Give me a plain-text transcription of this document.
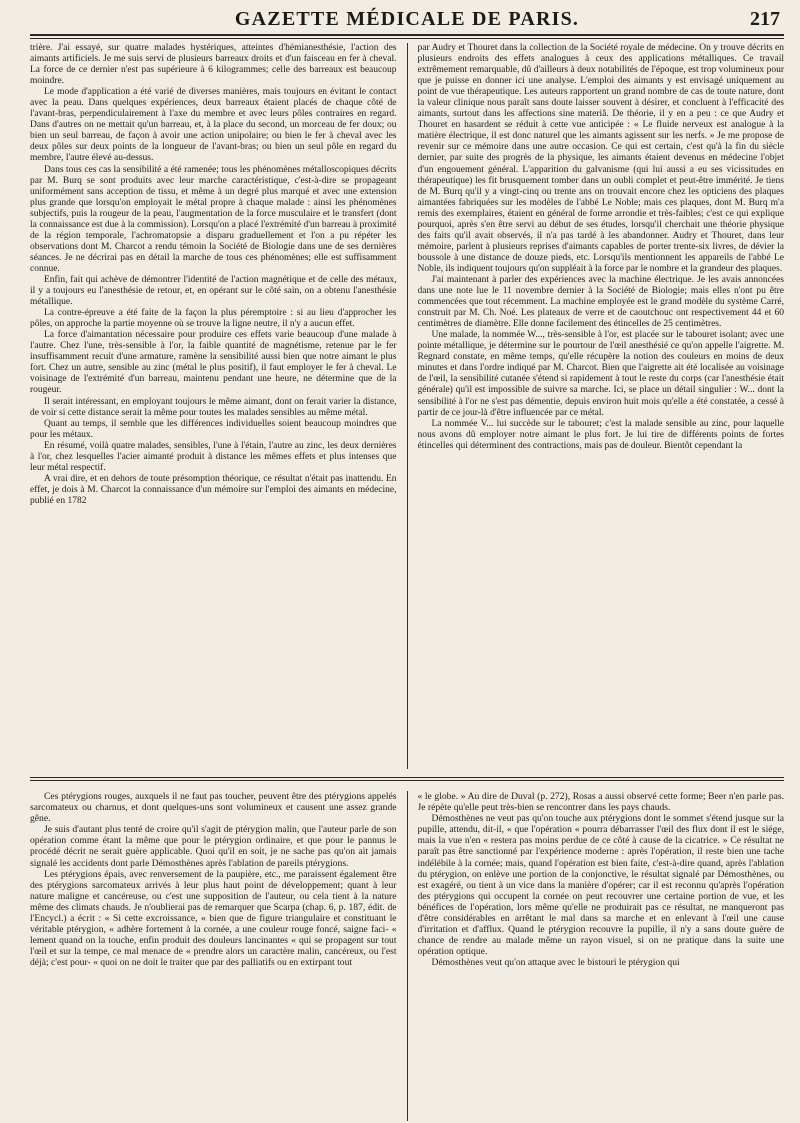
GAZETTE MÉDICALE DE PARIS.	217

trière. J'ai essayé, sur quatre malades hystériques, atteintes d'hémianesthésie, l'action des aimants artificiels. Je me suis servi de plusieurs barreaux droits et d'un faisceau en fer à cheval. La force de ce dernier n'est pas supérieure à 6 kilogrammes; celle des barreaux est beaucoup moindre.

Le mode d'application a été varié de diverses manières, mais toujours en évitant le contact avec la peau. Dans quelques expériences, deux barreaux étaient placés de chaque côté de l'avant-bras, perpendiculairement à l'axe du membre et avec leurs pôles contraires en regard. Dans d'autres on ne mettait qu'un barreau, et, à la place du second, un morceau de fer doux; ou bien un seul barreau, de façon à avoir une action unipolaire; ou bien le fer à cheval avec les deux pôles sur deux points de la longueur de l'avant-bras; ou bien un seul pôle en regard du membre, l'autre élevé au-dessus.

Dans tous ces cas la sensibilité a été ramenée; tous les phénomènes métalloscopiques décrits par M. Burq se sont produits avec leur marche caractéristique, c'est-à-dire se propageant uniformément sans acception de tissu, et même à un degré plus marqué et avec une extension plus grande que lorsqu'on employait le métal propre à chaque malade : ainsi les phénomènes subjectifs, puis la rougeur de la peau, l'augmentation de la force musculaire et le transfert (dont la connaissance est due à la commission). Lorsqu'on a placé l'extrémité d'un barreau à proximité de la région temporale, l'achromatopsie a disparu graduellement et l'on a pu répéter les observations dont M. Charcot a rendu témoin la Société de Biologie dans une de ses dernières séances. Je ne décrirai pas en détail la marche de tous ces phénomènes; elle est suffisamment connue.

Enfin, fait qui achève de démontrer l'identité de l'action magnétique et de celle des métaux, il y a toujours eu l'anesthésie de retour, et, en opérant sur le côté sain, on a obtenu l'anesthésie métallique.

La contre-épreuve a été faite de la façon la plus péremptoire : si au lieu d'approcher les pôles, on approche la partie moyenne où se trouve la ligne neutre, il n'y a aucun effet.

La force d'aimantation nécessaire pour produire ces effets varie beaucoup d'une malade à l'autre. Chez l'une, très-sensible à l'or, la faible quantité de magnétisme, retenue par le fer insuffisamment recuit d'une armature, ramène la sensibilité aussi bien que notre aimant le plus fort. Chez un autre, sensible au zinc (métal le plus positif), il faut employer le fer à cheval. Le voisinage de l'extrémité d'un barreau, maintenu pendant une heure, ne détermine que de la rougeur.

Il serait intéressant, en employant toujours le même aimant, dont on ferait varier la distance, de voir si cette distance serait la même pour toutes les malades sensibles au même métal.

Quant au temps, il semble que les différences individuelles soient beaucoup moindres que pour les métaux.

En résumé, voilà quatre malades, sensibles, l'une à l'étain, l'autre au zinc, les deux dernières à l'or, chez lesquelles l'acier aimanté produit à distance les mêmes effets et plus intenses que leur métal respectif.

A vrai dire, et en dehors de toute présomption théorique, ce résultat n'était pas inattendu. En effet, je dois à M. Charcot la connaissance d'un mémoire sur l'emploi des aimants en médecine, publié en 1782

par Audry et Thouret dans la collection de la Société royale de médecine. On y trouve décrits en plusieurs endroits des effets analogues à ceux des applications métalliques. Ce travail extrêmement remarquable, dû d'ailleurs à deux notabilités de l'époque, est trop volumineux pour que je puisse en donner ici une analyse. L'emploi des aimants y est envisagé uniquement au point de vue thérapeutique. Les auteurs rapportent un grand nombre de cas de toute nature, dont la valeur clinique nous paraît sans doute laisser souvent à désirer, et concluent à l'efficacité des aimants, surtout dans les affections sine materiâ. De théorie, il y en a peu : ce que Audry et Thouret en hasardent se réduit à cette vue anticipée : « Le fluide nerveux est analogue à la matière électrique, il est donc naturel que les aimants agissent sur les nerfs. » Je me propose de revenir sur ce mémoire dans une autre occasion. Ce qui est certain, c'est qu'à la fin du siècle dernier, par suite des progrès de la physique, les aimants étaient devenus en médecine l'objet d'un engouement général. L'apparition du galvanisme (qui lui aussi a eu ses vicissitudes en thérapeutique) les fit brusquement tomber dans un oubli complet et peut-être immérité. Je tiens de M. Burq qu'il y a vingt-cinq ou trente ans on trouvait encore chez les opticiens des plaques aimantées fabriquées sur les modèles de l'abbé Le Noble; mais ces plaques, dont M. Burq m'a remis des exemplaires, étaient en général de forme arrondie et très-faibles; c'est ce qui explique pourquoi, après s'en être servi au début de ses études, lorsqu'il cherchait une théorie physique des faits qu'il avait observés, il n'a pas tardé à les abandonner. Audry et Thouret, dans leur mémoire, parlent à plusieurs reprises d'aimants capables de porter trente-six livres, de dévier la boussole à une distance de douze pieds, etc. Lorsqu'ils mentionnent les appareils de l'abbé Le Noble, ils indiquent toujours qu'on suppléait à la force par le nombre et la grandeur des plaques.

J'ai maintenant à parler des expériences avec la machine électrique. Je les avais annoncées dans une note lue le 11 novembre dernier à la Société de Biologie; mais elles n'ont pu être commencées que tout récemment. La machine employée est le grand modèle du système Carré, construit par M. Ch. Noé. Les plateaux de verre et de caoutchouc ont respectivement 44 et 60 centimètres de diamètre. Elle donne facilement des étincelles de 25 centimètres.

Une malade, la nommée W..., très-sensible à l'or, est placée sur le tabouret isolant; avec une pointe métallique, je détermine sur le pourtour de l'œil anesthésié ce qu'on appelle l'aigrette. M. Regnard constate, en même temps, qu'elle récupère la notion des couleurs en moins de deux minutes et dans l'ordre indiqué par M. Charcot. Bien que l'aigrette ait été localisée au voisinage de l'œil, la sensibilité cutanée s'étend si rapidement à tout le reste du corps (car l'anesthésie était générale) qu'il est impossible de suivre sa marche. Ici, se place un détail singulier : W... dont la sensibilité à l'or ne s'est pas démentie, depuis environ huit mois qu'elle a été constatée, a cessé à partir de ce jour-là d'être influencée par ce métal.

La nommée V... lui succède sur le tabouret; c'est la malade sensible au zinc, pour laquelle nous avons dû employer notre aimant le plus fort. Je lui tire de différents points de fortes étincelles qui déterminent des contractions, mais pas de douleur. Bientôt cependant la

Ces ptérygions rouges, auxquels il ne faut pas toucher, peuvent être des ptérygions appelés sarcomateux ou charnus, et dont quelques-uns sont volumineux et causent une assez grande gêne.

Je suis d'autant plus tenté de croire qu'il s'agit de ptérygion malin, que l'auteur parle de son opération comme étant la même que pour le ptérygion ordinaire, et que pour le pannus le procédé décrit ne serait guère applicable. Quoi qu'il en soit, je ne sache pas qu'on ait jamais signalé les accidents dont parle Démosthènes après l'ablation de pareils ptérygions.

Les ptérygions épais, avec renversement de la paupière, etc., me paraissent également être des ptérygions sarcomateux arrivés à leur plus haut point de développement; quant à leur nature maligne et cancéreuse, ou c'est une supposition de l'auteur, ou cela tient à la nature même des climats chauds. Je n'oublierai pas de remarquer que Scarpa (chap. 6, p. 187, édit. de l'Encycl.) a écrit : « Si cette excroissance, « bien que de figure triangulaire et constituant le véritable ptérygion, « adhère fortement à la cornée, a une couleur rouge foncé, saigne faci- « lement quand on la touche, enfin produit des douleurs lancinantes « qui se propagent sur tout l'œil et sur la tempe, ce mal menace de « prendre alors un caractère malin, cancéreux, ou l'est déjà; c'est pour- « quoi on ne doit le traiter que par des palliatifs ou en extirpant tout

« le globe. » Au dire de Duval (p. 272), Rosas a aussi observé cette forme; Beer n'en parle pas. Je répète qu'elle peut très-bien se rencontrer dans les pays chauds.

Démosthènes ne veut pas qu'on touche aux ptérygions dont le sommet s'étend jusque sur la pupille, attendu, dit-il, « que l'opération « pourra débarrasser l'œil des flux dont il est le siége, mais la vue n'en « restera pas moins perdue de ce côté à cause de la cicatrice. » Ce résultat ne paraît pas être sanctionné par l'expérience moderne : après l'opération, il reste bien une tache indélébile à la cornée; mais, quand l'opération est bien faite, c'est-à-dire quand, après l'ablation du ptérygion, on enlève une portion de la conjonctive, le résultat signalé par Démosthènes, ou est exagéré, ou tient à un vice dans la manière d'opérer; car il est reconnu qu'après l'opération des ptérygions qui occupent la cornée on peut recouvrer une certaine portion de vue, et les bénéfices de l'opération, lors même qu'elle ne produirait pas ce résultat, ne manqueront pas d'être considérables en arrêtant le mal dans sa marche et en enlevant à l'œil une cause d'irritation et d'afflux. Quand le ptérygion recouvre la pupille, il n'y a sans doute guère de chance de rendre au malade même un rayon visuel, si on ne pratique dans la suite une opération optique.

Démosthènes veut qu'on attaque avec le bistouri le ptérygion qui
